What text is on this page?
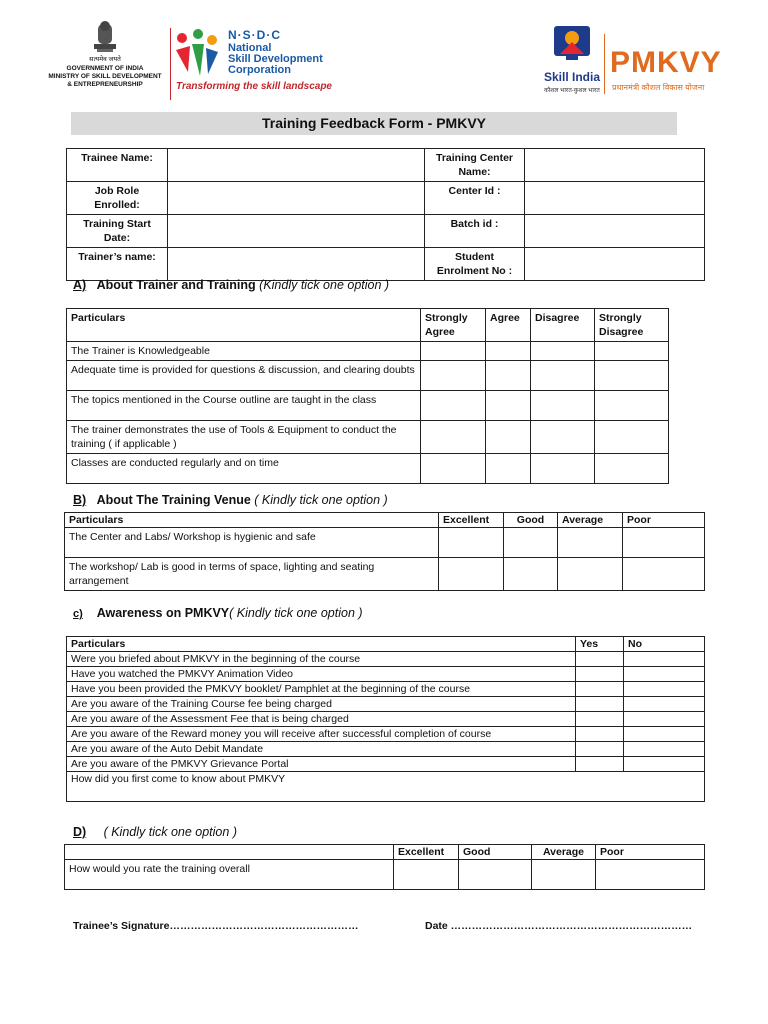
सत्यमेव जयते
GOVERNMENT OF INDIA
MINISTRY OF SKILL DEVELOPMENT
& ENTREPRENEURSHIP
N·S·D·C
National
Skill Development
Corporation
Transforming the skill landscape
Skill India
कौशल भारत-कुशल भारत
PMKVY
प्रधानमंत्री कौशल विकास योजना
Training Feedback Form - PMKVY
Trainee Name:		Training Center Name:	
Job Role Enrolled:		Center Id :	
Training Start Date:		Batch id :	
Trainer’s name:		Student Enrolment No :	
A) About Trainer and Training (Kindly tick one option )
Particulars	Strongly Agree	Agree	Disagree	Strongly Disagree
The Trainer is Knowledgeable				
Adequate time is provided for questions & discussion, and clearing doubts				
The topics mentioned in the Course outline are taught in the class				
The trainer demonstrates the use of Tools & Equipment to conduct the training ( if applicable )				
Classes are conducted regularly and on time				
B) About The Training Venue ( Kindly tick one option )
Particulars	Excellent	Good	Average	Poor
The Center and Labs/ Workshop is hygienic and safe				
The workshop/ Lab is good in terms of space, lighting and seating arrangement				
c) Awareness on PMKVY( Kindly tick one option )
Particulars	Yes	No
Were you briefed about PMKVY in the beginning of the course		
Have you watched the PMKVY Animation Video		
Have you been provided the PMKVY booklet/ Pamphlet at the beginning of the course		
Are you aware of the Training Course fee being charged		
Are you aware of the Assessment Fee that is being charged		
Are you aware of the Reward money you will receive after successful completion of course		
Are you aware of the Auto Debit Mandate		
Are you aware of the PMKVY Grievance Portal		
How did you first come to know about PMKVY		
D) ( Kindly tick one option )
	Excellent	Good	Average	Poor
How would you rate the training overall				
Trainee’s Signature………………………………………………	Date ……………………………………………………………
